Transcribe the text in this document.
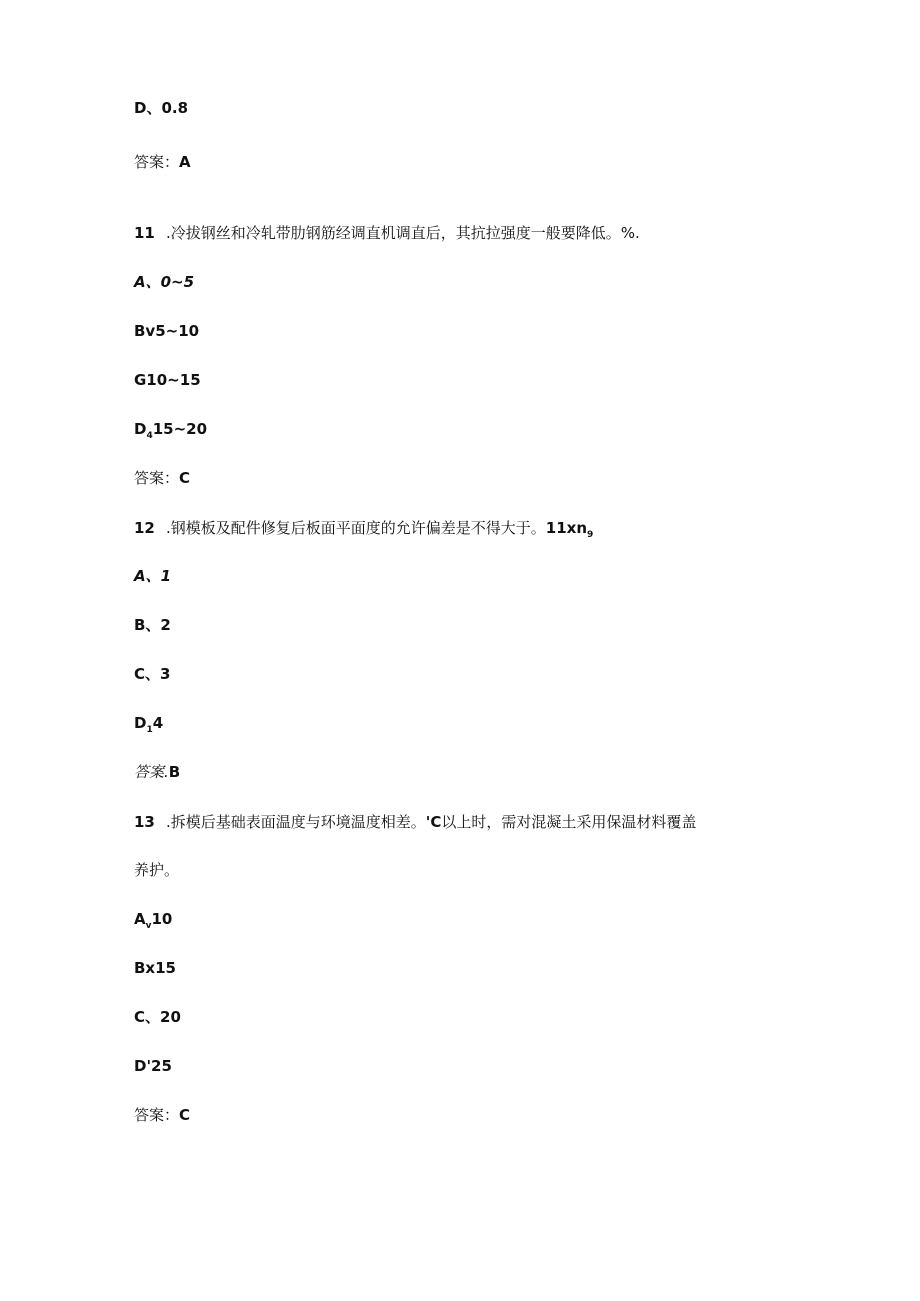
D、0.8
答案：A
11 .冷拔钢丝和冷轧带肋钢筋经调直机调直后，其抗拉强度一般要降低。%.
A、0~5
Bv5~10
G10~15
$D_415\sim 20$
答案：C
12 .钢模板及配件修复后板面平面度的允许偏差是不得大于。$11xn_9$
A、1
B、2
C、3
$D_14$
答案.B
13 .拆模后基础表面温度与环境温度相差。'C以上时，需对混凝土采用保温材料覆盖
养护。
$A_v10$
Bx15
C、20
D'25
答案：C
